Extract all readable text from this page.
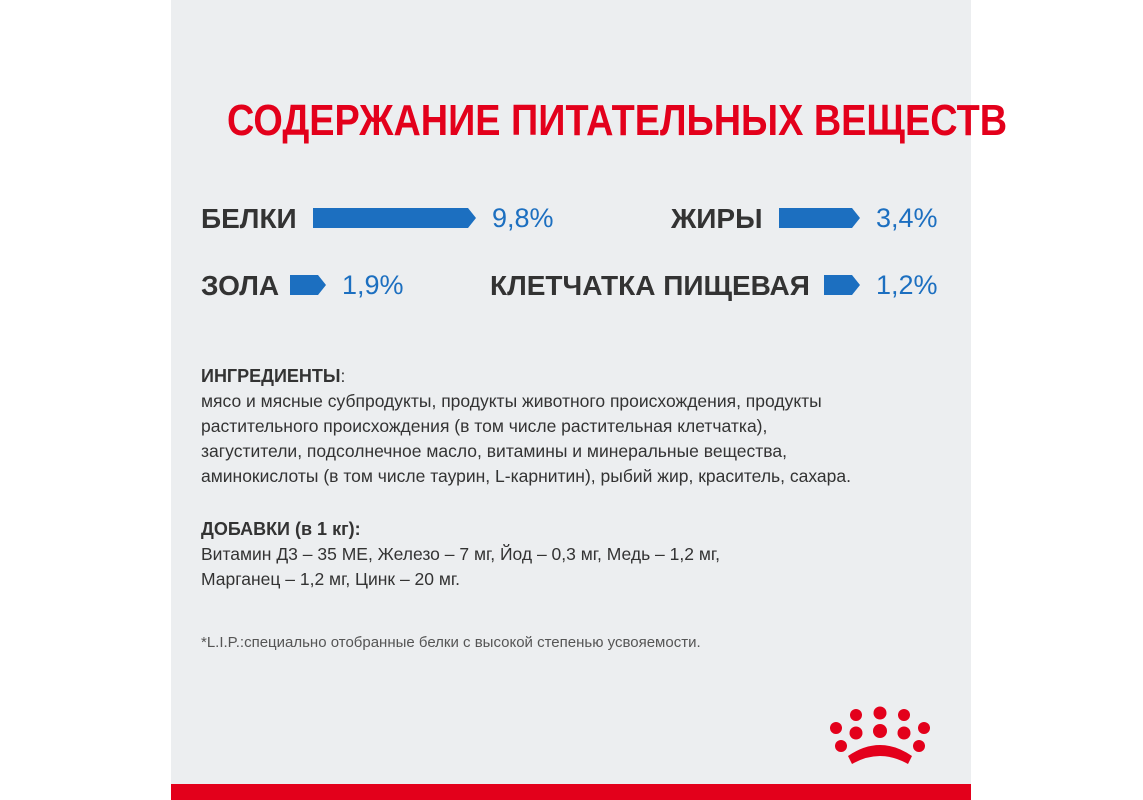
СОДЕРЖАНИЕ ПИТАТЕЛЬНЫХ ВЕЩЕСТВ
БЕЛКИ	9,8%	ЖИРЫ	3,4%
ЗОЛА 1,9%	КЛЕТЧАТКА ПИЩЕВАЯ 1,2%
ИНГРЕДИЕНТЫ:
мясо и мясные субпродукты, продукты животного происхождения, продукты
растительного происхождения (в том числе растительная клетчатка),
загустители, подсолнечное масло, витамины и минеральные вещества,
аминокислоты (в том числе таурин, L-карнитин), рыбий жир, краситель, сахара.
ДОБАВКИ (в 1 кг):
Витамин Д3 – 35 МЕ, Железо – 7 мг, Йод – 0,3 мг, Медь – 1,2 мг,
Марганец – 1,2 мг, Цинк – 20 мг.
*L.I.P.:специально отобранные белки с высокой степенью усвояемости.
